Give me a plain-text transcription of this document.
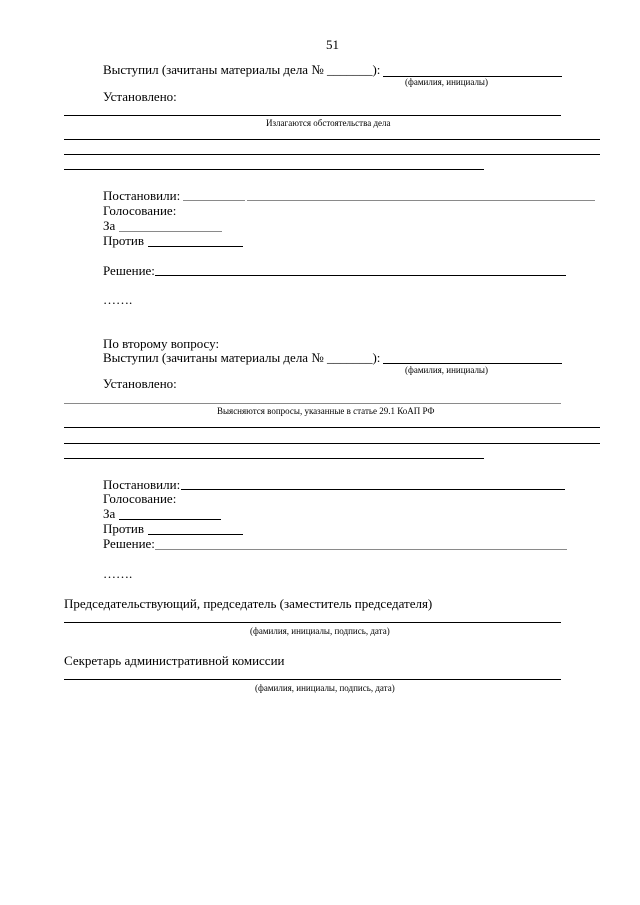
51
Выступил (зачитаны материалы дела № _______):
(фамилия, инициалы)
Установлено:
Излагаются обстоятельства дела
Постановили:
Голосование:
За
Против
Решение:
…….
По второму вопросу:
Выступил (зачитаны материалы дела № _______):
(фамилия, инициалы)
Установлено:
Выясняются вопросы, указанные в статье 29.1 КоАП РФ
Постановили:
Голосование:
За
Против
Решение:
…….
Председательствующий, председатель (заместитель председателя)
(фамилия, инициалы, подпись, дата)
Секретарь административной комиссии
(фамилия, инициалы, подпись, дата)
